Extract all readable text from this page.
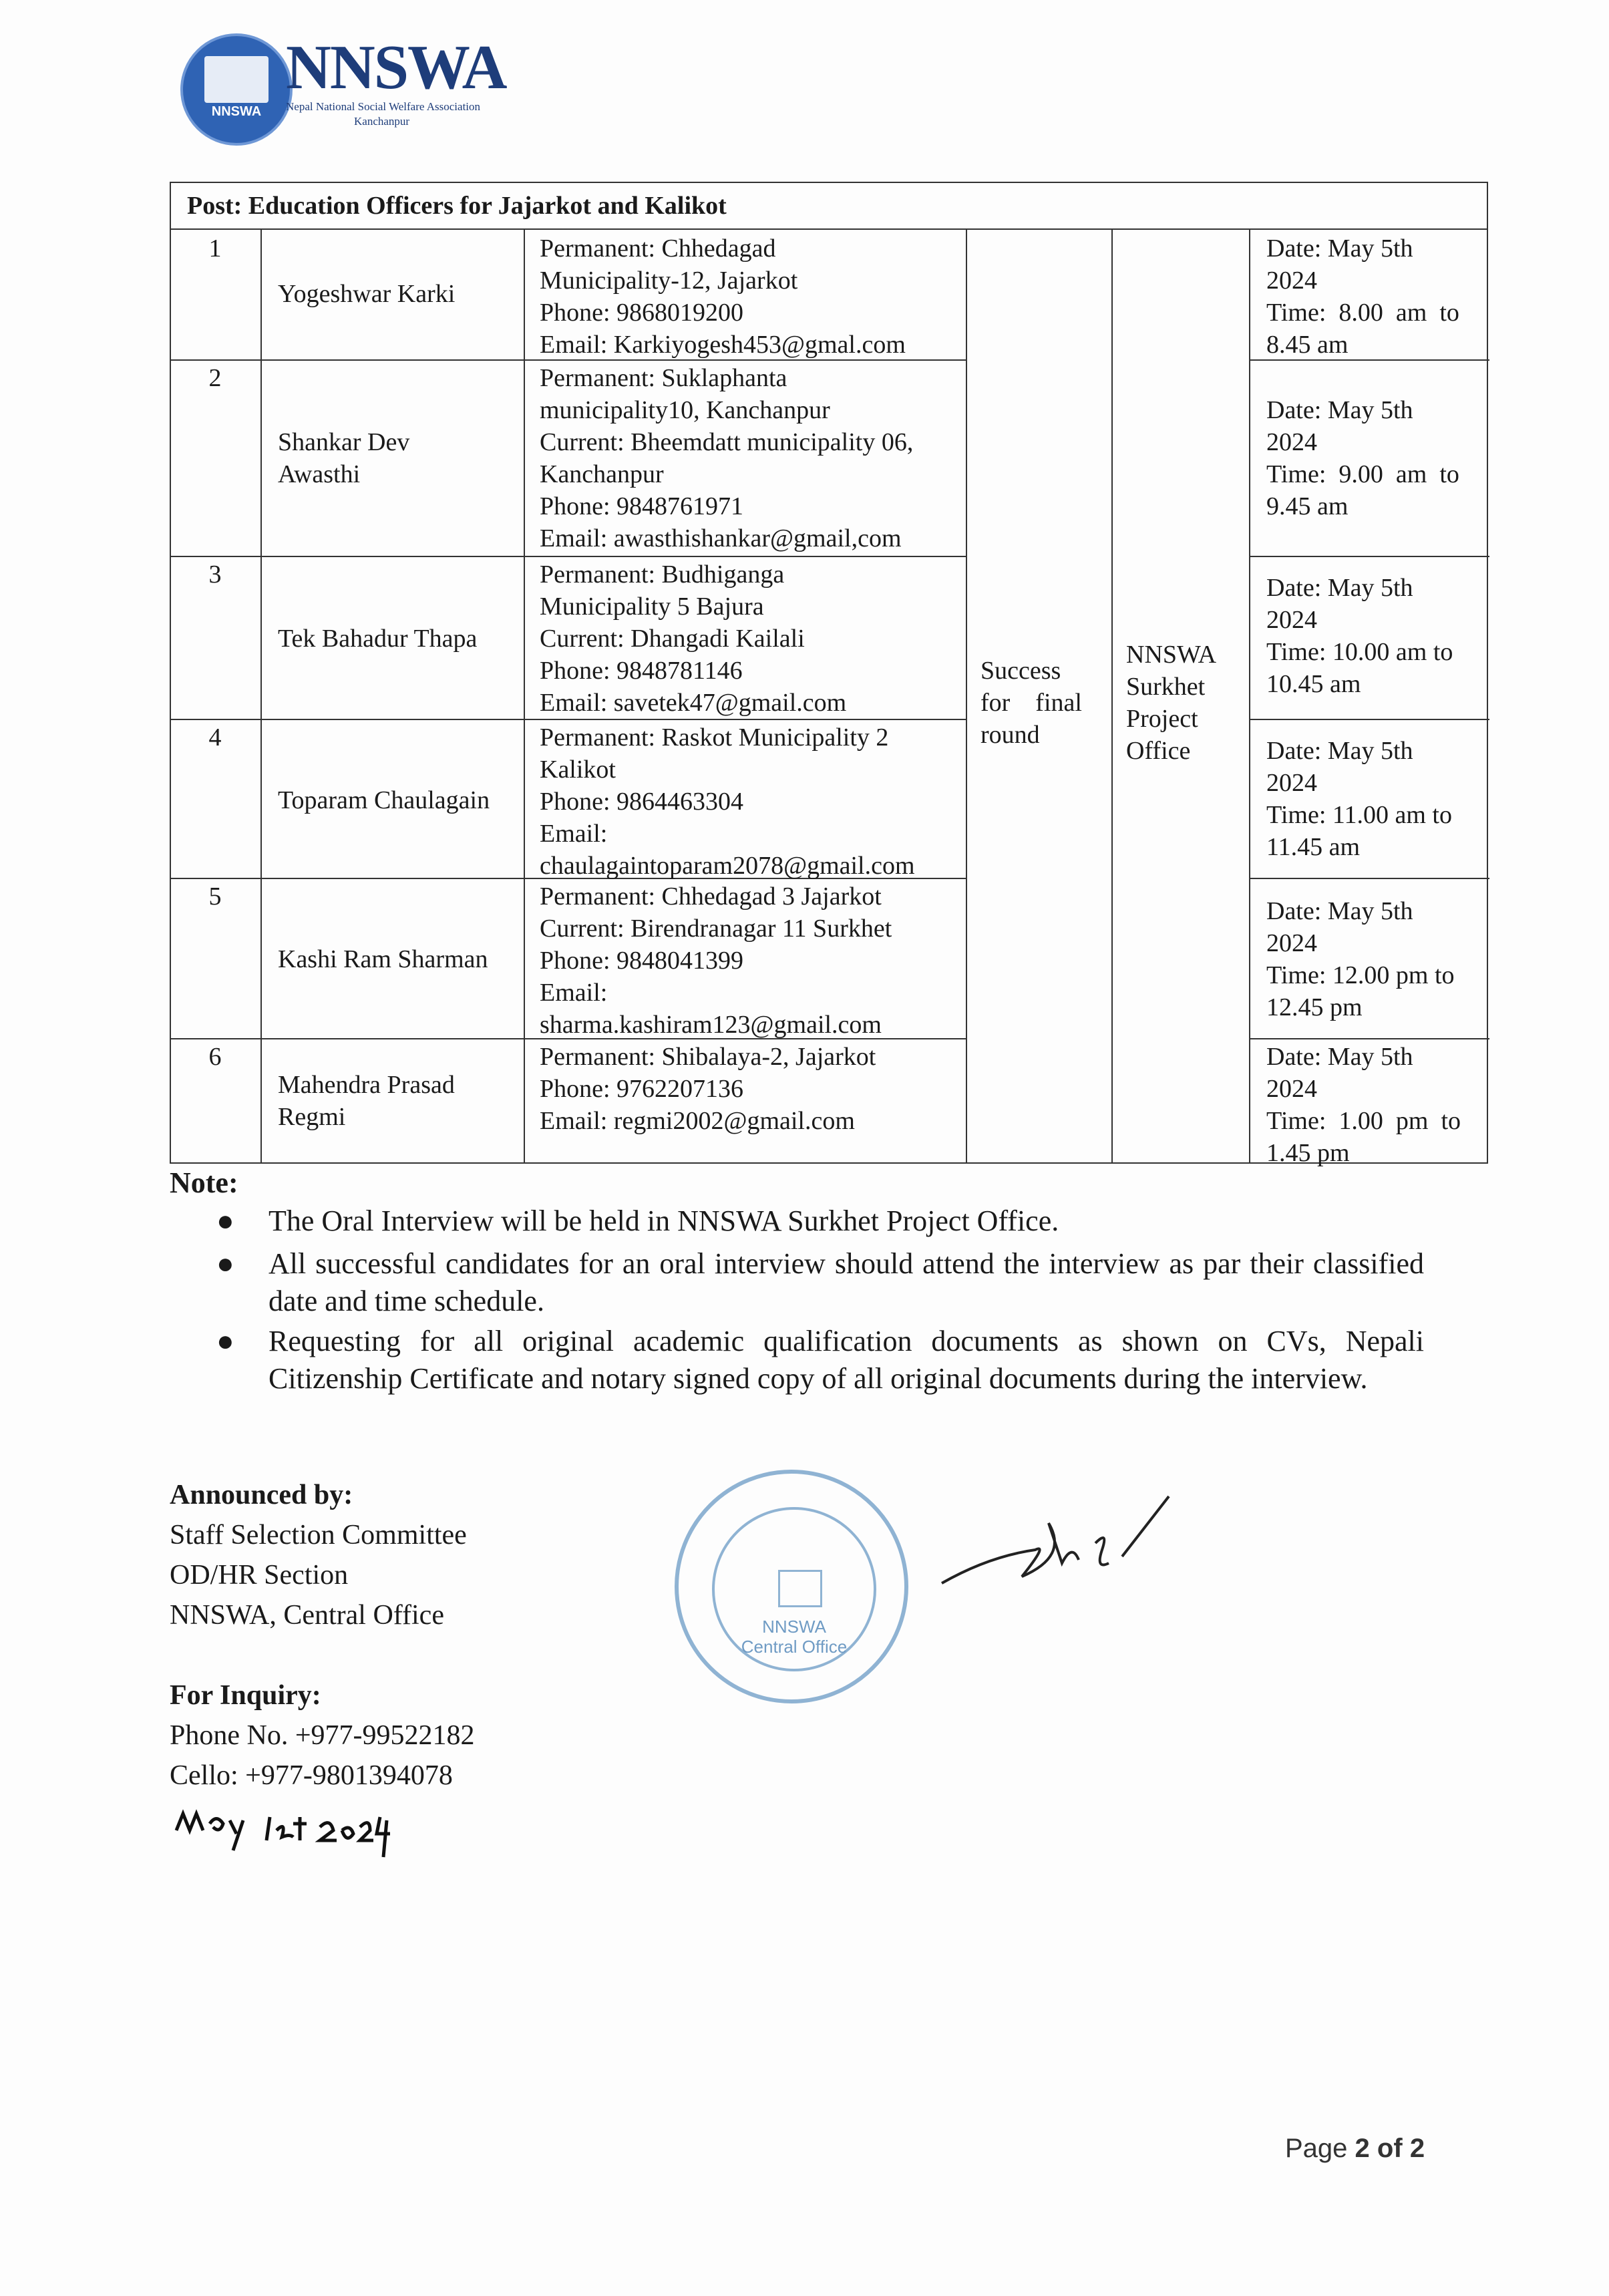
NNSWA
NNSWA
Nepal National Social Welfare Association
Kanchanpur
Post: Education Officers for Jajarkot and Kalikot
1
Yogeshwar Karki
Permanent: Chhedagad
Municipality-12, Jajarkot
Phone: 9868019200
Email: Karkiyogesh453@gmal.com
Date: May 5th
2024
Time:  8.00  am  to
8.45 am
2
Shankar Dev
Awasthi
Permanent: Suklaphanta
municipality10, Kanchanpur
Current: Bheemdatt municipality 06,
Kanchanpur
Phone: 9848761971
Email: awasthishankar@gmail,com
Date: May 5th
2024
Time:  9.00  am  to
9.45 am
3
Tek Bahadur Thapa
Permanent: Budhiganga
Municipality 5 Bajura
Current: Dhangadi Kailali
Phone: 9848781146
Email: savetek47@gmail.com
Date: May 5th
2024
Time: 10.00 am to
10.45 am
4
Toparam Chaulagain
Permanent: Raskot Municipality 2
Kalikot
Phone: 9864463304
Email:
chaulagaintoparam2078@gmail.com
Date: May 5th
2024
Time: 11.00 am to
11.45 am
5
Kashi Ram Sharman
Permanent: Chhedagad 3 Jajarkot
Current: Birendranagar 11 Surkhet
Phone: 9848041399
Email:
sharma.kashiram123@gmail.com
Date: May 5th
2024
Time: 12.00 pm to
12.45 pm
6
Mahendra Prasad
Regmi
Permanent: Shibalaya-2, Jajarkot
Phone: 9762207136
Email: regmi2002@gmail.com
Date: May 5th
2024
Time:  1.00  pm  to
1.45 pm
Success
for    final
round
NNSWA
Surkhet
Project
Office
Note:
● The Oral Interview will be held in NNSWA Surkhet Project Office.
● All successful candidates for an oral interview should attend the interview as par their classified date and time schedule.
● Requesting for all original academic qualification documents as shown on CVs, Nepali Citizenship Certificate and notary signed copy of all original documents during the interview.
Announced by:
Staff Selection Committee
OD/HR Section
NNSWA, Central Office
For Inquiry:
Phone No. +977-99522182
Cello: +977-9801394078
NNSWA
Central Office
Page 2 of 2
